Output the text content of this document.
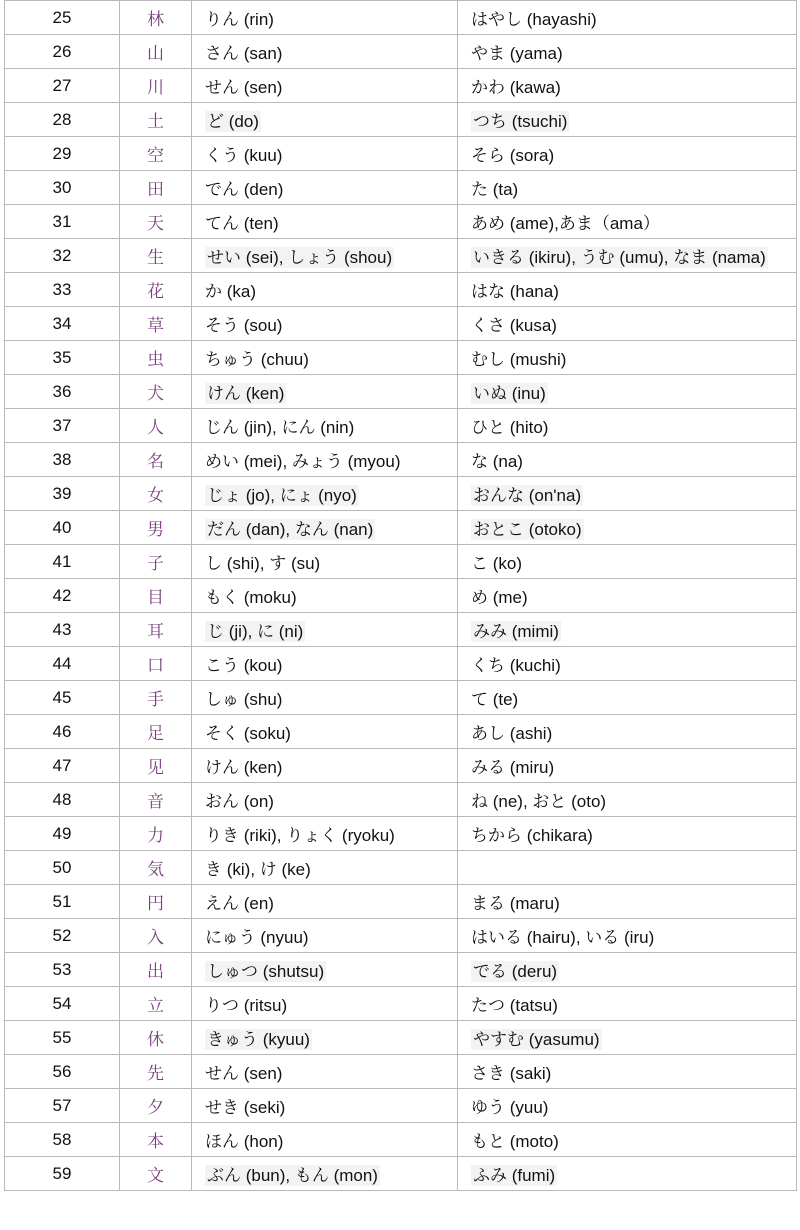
25	林	りん (rin)	はやし (hayashi)
26	山	さん (san)	やま (yama)
27	川	せん (sen)	かわ (kawa)
28	土	ど (do)	つち (tsuchi)
29	空	くう (kuu)	そら (sora)
30	田	でん (den)	た (ta)
31	天	てん (ten)	あめ (ame),あま（ama）
32	生	せい (sei), しょう (shou)	いきる (ikiru), うむ (umu), なま (nama)
33	花	か (ka)	はな (hana)
34	草	そう (sou)	くさ (kusa)
35	虫	ちゅう (chuu)	むし (mushi)
36	犬	けん (ken)	いぬ (inu)
37	人	じん (jin), にん (nin)	ひと (hito)
38	名	めい (mei), みょう (myou)	な (na)
39	女	じょ (jo), にょ (nyo)	おんな (on'na)
40	男	だん (dan), なん (nan)	おとこ (otoko)
41	子	し (shi), す (su)	こ (ko)
42	目	もく (moku)	め (me)
43	耳	じ (ji), に (ni)	みみ (mimi)
44	口	こう (kou)	くち (kuchi)
45	手	しゅ (shu)	て (te)
46	足	そく (soku)	あし (ashi)
47	见	けん (ken)	みる (miru)
48	音	おん (on)	ね (ne), おと (oto)
49	力	りき (riki), りょく (ryoku)	ちから (chikara)
50	気	き (ki), け (ke)	
51	円	えん (en)	まる (maru)
52	入	にゅう (nyuu)	はいる (hairu), いる (iru)
53	出	しゅつ (shutsu)	でる (deru)
54	立	りつ (ritsu)	たつ (tatsu)
55	休	きゅう (kyuu)	やすむ (yasumu)
56	先	せん (sen)	さき (saki)
57	夕	せき (seki)	ゆう (yuu)
58	本	ほん (hon)	もと (moto)
59	文	ぶん (bun), もん (mon)	ふみ (fumi)
